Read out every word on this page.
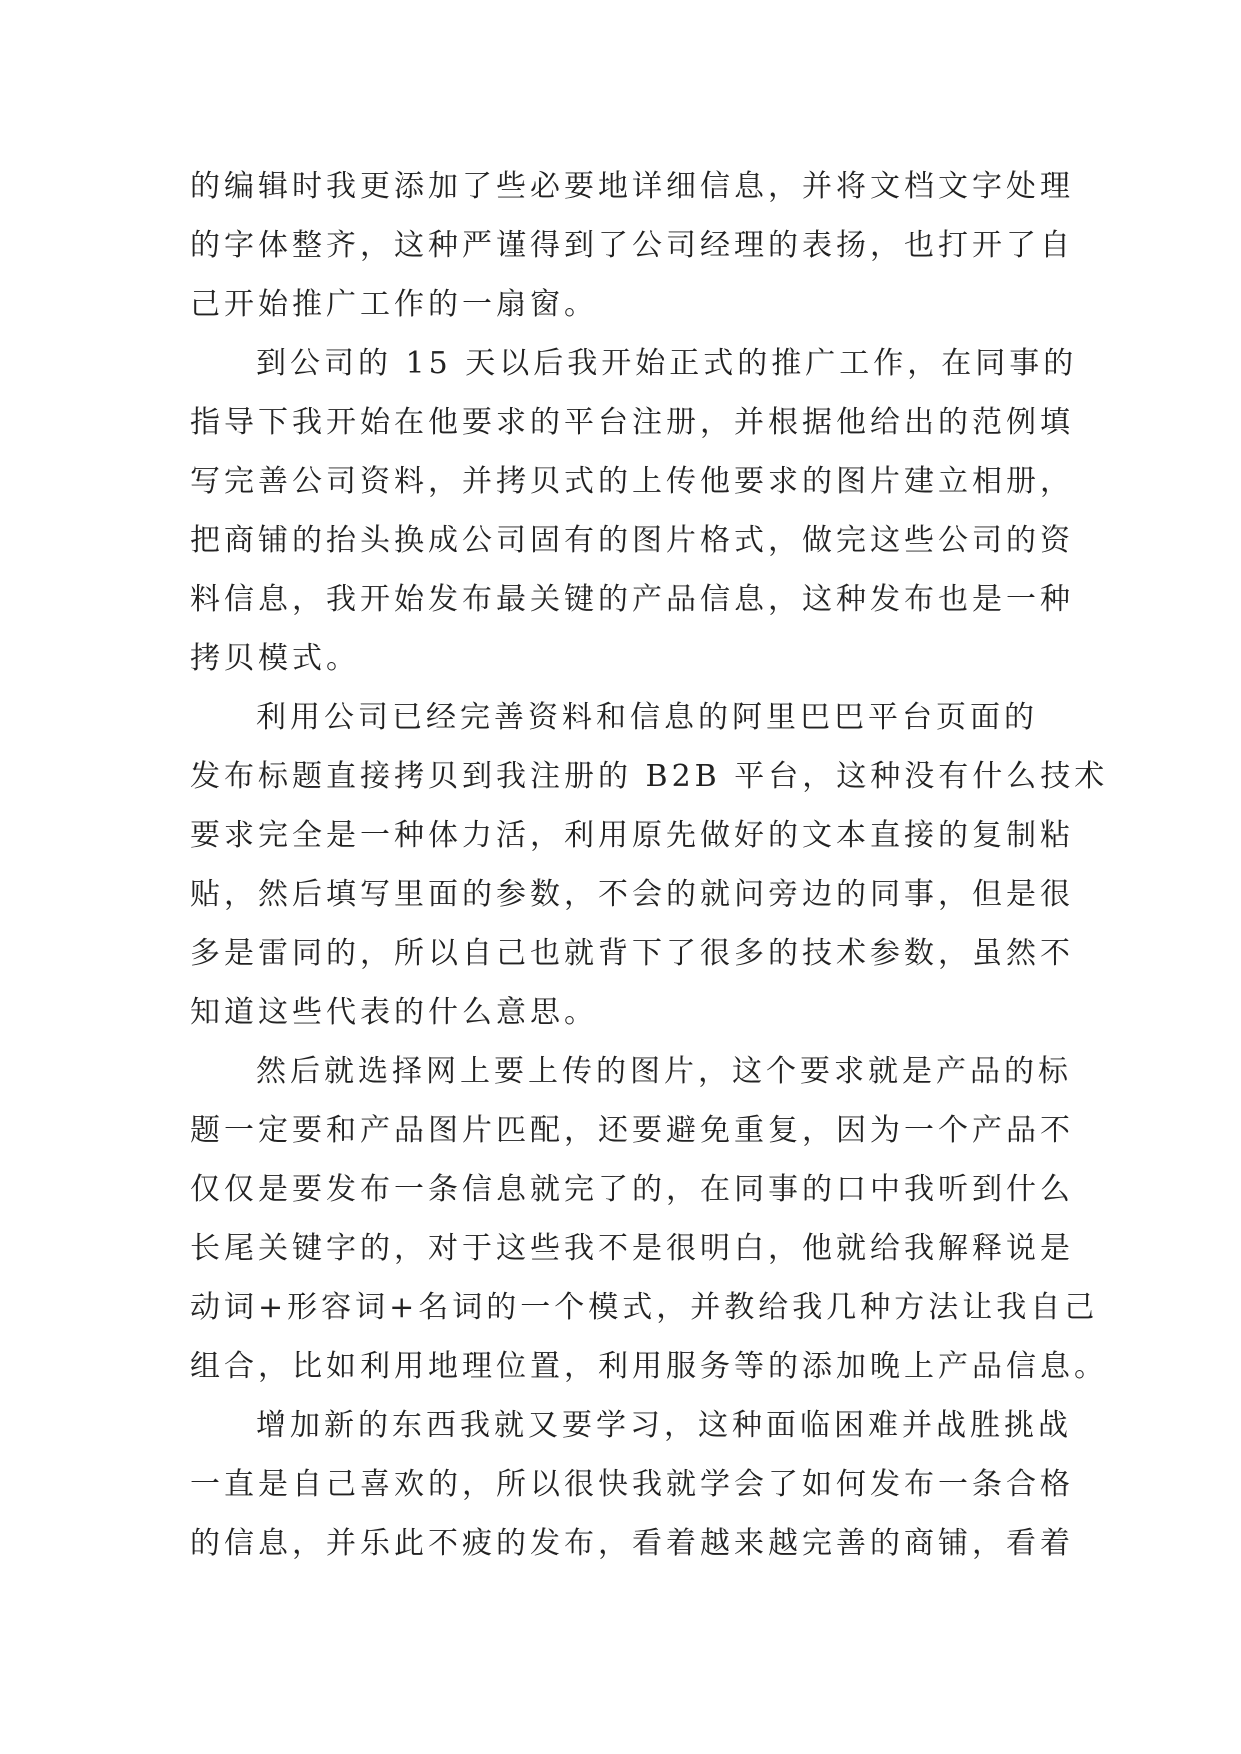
的编辑时我更添加了些必要地详细信息，并将文档文字处理
的字体整齐，这种严谨得到了公司经理的表扬，也打开了自
己开始推广工作的一扇窗。
到公司的 15 天以后我开始正式的推广工作，在同事的
指导下我开始在他要求的平台注册，并根据他给出的范例填
写完善公司资料，并拷贝式的上传他要求的图片建立相册，
把商铺的抬头换成公司固有的图片格式，做完这些公司的资
料信息，我开始发布最关键的产品信息，这种发布也是一种
拷贝模式。
利用公司已经完善资料和信息的阿里巴巴平台页面的
发布标题直接拷贝到我注册的 B2B 平台，这种没有什么技术
要求完全是一种体力活，利用原先做好的文本直接的复制粘
贴，然后填写里面的参数，不会的就问旁边的同事，但是很
多是雷同的，所以自己也就背下了很多的技术参数，虽然不
知道这些代表的什么意思。
然后就选择网上要上传的图片，这个要求就是产品的标
题一定要和产品图片匹配，还要避免重复，因为一个产品不
仅仅是要发布一条信息就完了的，在同事的口中我听到什么
长尾关键字的，对于这些我不是很明白，他就给我解释说是
动词+形容词+名词的一个模式，并教给我几种方法让我自己
组合，比如利用地理位置，利用服务等的添加晚上产品信息。
增加新的东西我就又要学习，这种面临困难并战胜挑战
一直是自己喜欢的，所以很快我就学会了如何发布一条合格
的信息，并乐此不疲的发布，看着越来越完善的商铺，看着
